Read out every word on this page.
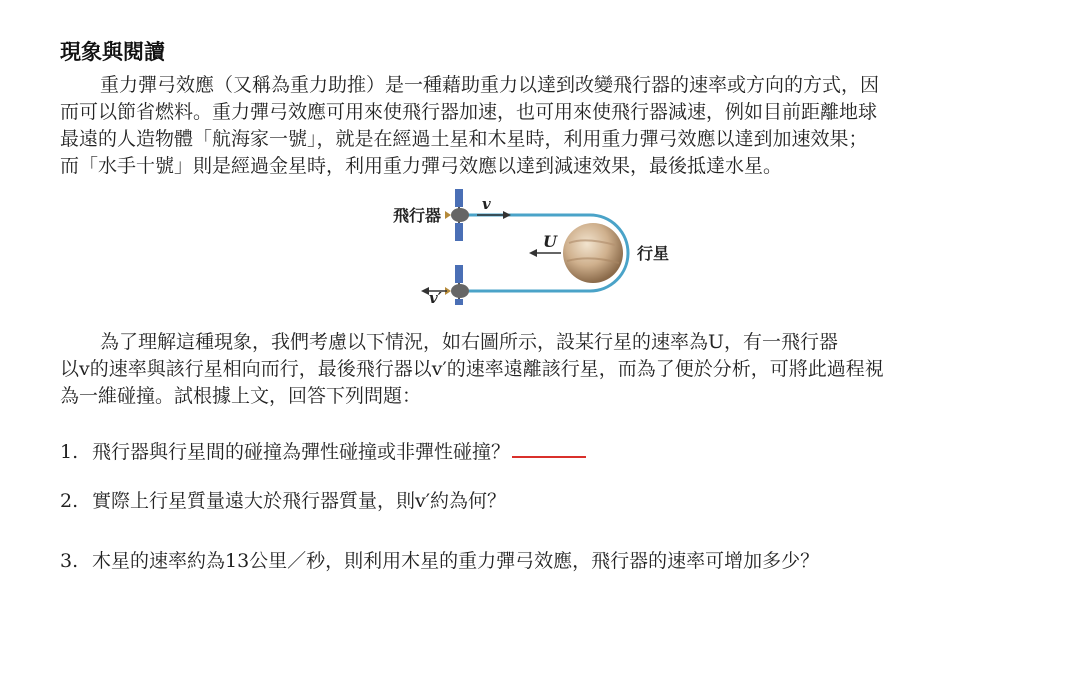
現象與閱讀
重力彈弓效應（又稱為重力助推）是一種藉助重力以達到改變飛行器的速率或方向的方式，因
而可以節省燃料。重力彈弓效應可用來使飛行器加速，也可用來使飛行器減速，例如目前距離地球
最遠的人造物體「航海家一號」，就是在經過土星和木星時，利用重力彈弓效應以達到加速效果；
而「水手十號」則是經過金星時，利用重力彈弓效應以達到減速效果，最後抵達水星。
飛行器
v
U
v′
行星
為了理解這種現象，我們考慮以下情況，如右圖所示，設某行星的速率為U，有一飛行器
以v的速率與該行星相向而行，最後飛行器以v′的速率遠離該行星，而為了便於分析，可將此過程視
為一維碰撞。試根據上文，回答下列問題：
1. 飛行器與行星間的碰撞為彈性碰撞或非彈性碰撞？
2. 實際上行星質量遠大於飛行器質量，則v′約為何？
3. 木星的速率約為13公里／秒，則利用木星的重力彈弓效應，飛行器的速率可增加多少？
